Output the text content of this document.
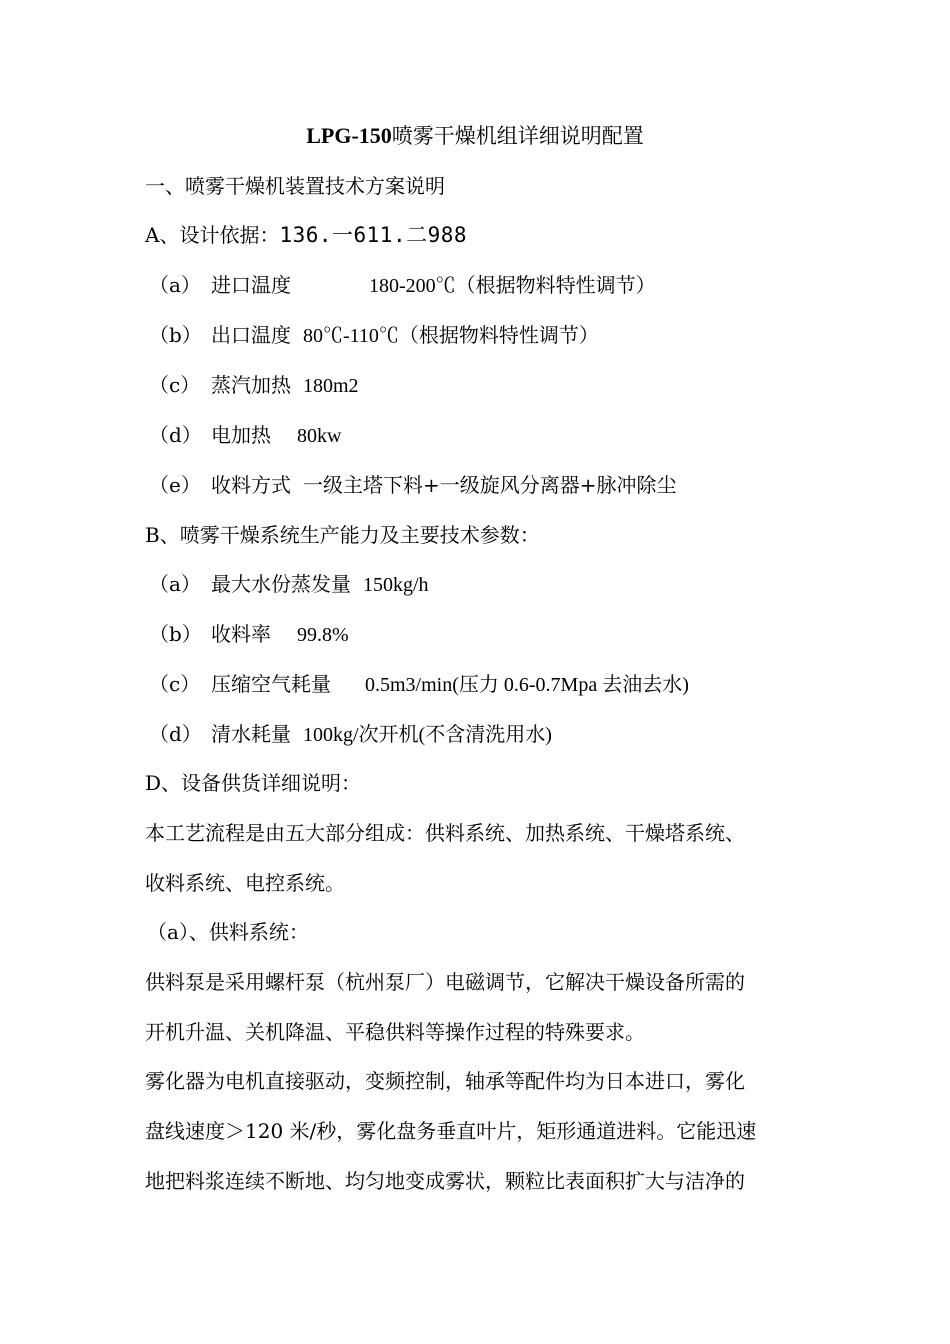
LPG-150喷雾干燥机组详细说明配置
一、喷雾干燥机装置技术方案说明
A、设计依据：136.一611.二988
（a） 进口温度	180-200℃（根据物料特性调节）
（b） 出口温度 80℃-110℃（根据物料特性调节）
（c） 蒸汽加热 180m2
（d） 电加热 80kw
（e） 收料方式 一级主塔下料+一级旋风分离器+脉冲除尘
B、喷雾干燥系统生产能力及主要技术参数：
（a） 最大水份蒸发量 150kg/h
（b） 收料率 99.8%
（c） 压缩空气耗量 0.5m3/min(压力 0.6-0.7Mpa 去油去水)
（d） 清水耗量 100kg/次开机(不含清洗用水)
D、设备供货详细说明：
本工艺流程是由五大部分组成：供料系统、加热系统、干燥塔系统、
收料系统、电控系统。
（a）、供料系统：
供料泵是采用螺杆泵（杭州泵厂）电磁调节，它解决干燥设备所需的
开机升温、关机降温、平稳供料等操作过程的特殊要求。
雾化器为电机直接驱动，变频控制，轴承等配件均为日本进口，雾化
盘线速度＞120 米/秒，雾化盘务垂直叶片，矩形通道进料。它能迅速
地把料浆连续不断地、均匀地变成雾状，颗粒比表面积扩大与洁净的
